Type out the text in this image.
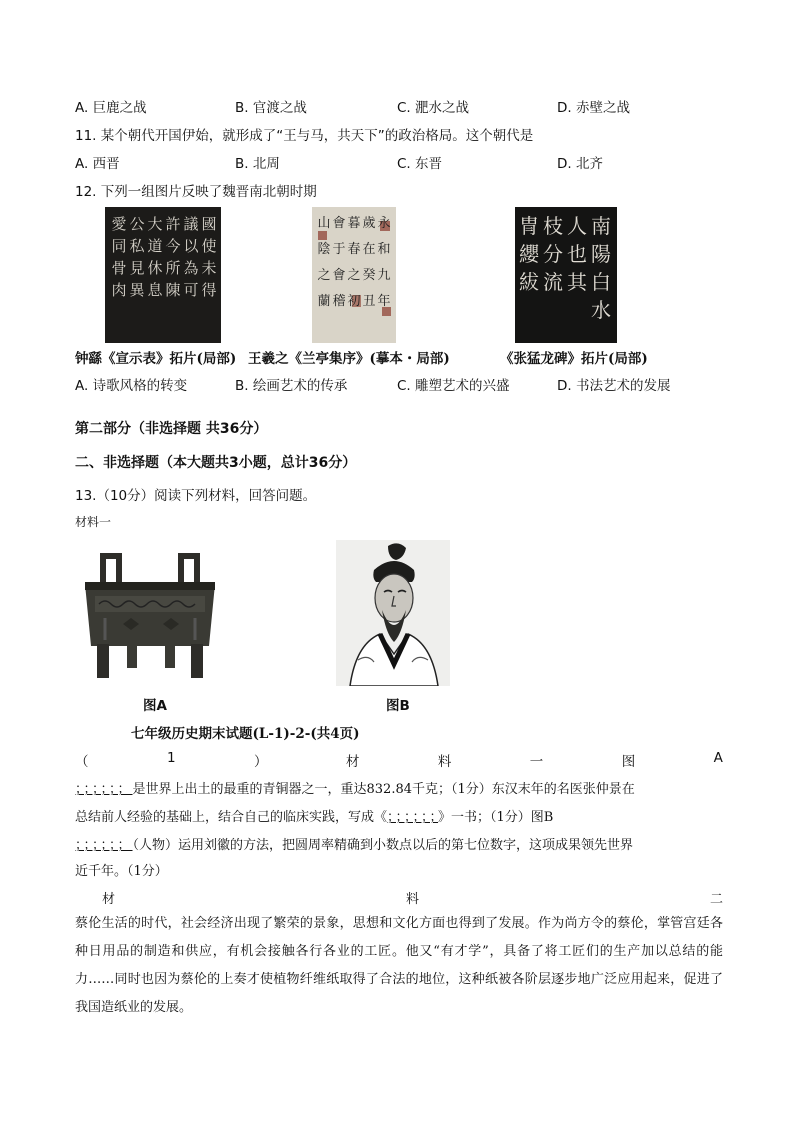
A. 巨鹿之战	B. 官渡之战	C. 淝水之战	D. 赤壁之战
11. 某个朝代开国伊始，就形成了“王与马，共天下”的政治格局。这个朝代是
A. 西晋	B. 北周	C. 东晋	D. 北齐
12. 下列一组图片反映了魏晋南北朝时期
國
使
未
得
議
以
為
可
許
今
所
陳
大
道
休
息
公
私
見
異
愛
同
骨
肉
永
和
九
年
歲
在
癸
丑
暮
春
之
初
會
于
會
稽
山
陰
之
蘭
南
陽
白
水
人
也
其
枝
分
流
冑
纓
紱
钟繇《宣示表》拓片(局部) 王羲之《兰亭集序》(摹本・局部)	《张猛龙碑》拓片(局部)
A. 诗歌风格的转变	B. 绘画艺术的传承	C. 雕塑艺术的兴盛	D. 书法艺术的发展
第二部分（非选择题 共36分）
二、非选择题（本大题共3小题，总计36分）
13.（10分）阅读下列材料，回答问题。
材料一
图A	图B
七年级历史期末试题(L-1)-2-(共4页)
（	1	）	材	料	一	图	A
；；；；；；是世界上出土的最重的青铜器之一，重达832.84千克；（1分）东汉末年的名医张仲景在
总结前人经验的基础上，结合自己的临床实践，写成《；；；；；；》一书；（1分）图B
；；；；；；（人物）运用刘徽的方法，把圆周率精确到小数点以后的第七位数字，这项成果领先世界
近千年。（1分）
材	料	二
蔡伦生活的时代，社会经济出现了繁荣的景象，思想和文化方面也得到了发展。作为尚方令的蔡伦，掌管宫廷各种日用品的制造和供应，有机会接触各行各业的工匠。他又“有才学”，具备了将工匠们的生产加以总结的能力……同时也因为蔡伦的上奏才使植物纤维纸取得了合法的地位，这种纸被各阶层逐步地广泛应用起来，促进了我国造纸业的发展。
